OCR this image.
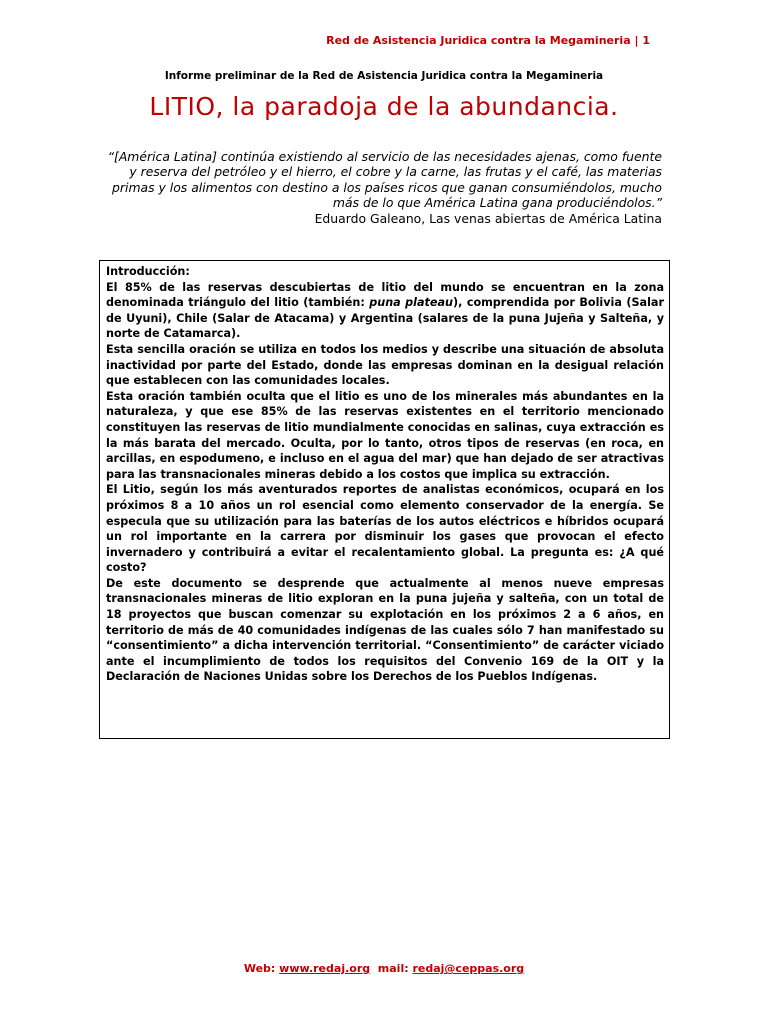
Red de Asistencia Juridica contra la Megamineria | 1
Informe preliminar de la Red de Asistencia Juridica contra la Megamineria
LITIO, la paradoja de la abundancia.
“[América Latina] continúa existiendo al servicio de las necesidades ajenas, como fuente y reserva del petróleo y el hierro, el cobre y la carne, las frutas y el café, las materias primas y los alimentos con destino a los países ricos que ganan consumiéndolos, mucho más de lo que América Latina gana produciéndolos.”
Eduardo Galeano, Las venas abiertas de América Latina

Introducción:

El 85% de las reservas descubiertas de litio del mundo se encuentran en la zona denominada triángulo del litio (también: puna plateau), comprendida por Bolivia (Salar de Uyuni), Chile (Salar de Atacama) y Argentina (salares de la puna Jujeña y Salteña, y norte de Catamarca).

Esta sencilla oración se utiliza en todos los medios y describe una situación de absoluta inactividad por parte del Estado, donde las empresas dominan en la desigual relación que establecen con las comunidades locales.

Esta oración también oculta que el litio es uno de los minerales más abundantes en la naturaleza, y que ese 85% de las reservas existentes en el territorio mencionado constituyen las reservas de litio mundialmente conocidas en salinas, cuya extracción es la más barata del mercado. Oculta, por lo tanto, otros tipos de reservas (en roca, en arcillas, en espodumeno, e incluso en el agua del mar) que han dejado de ser atractivas para las transnacionales mineras debido a los costos que implica su extracción.

El Litio, según los más aventurados reportes de analistas económicos, ocupará en los próximos 8 a 10 años un rol esencial como elemento conservador de la energía. Se especula que su utilización para las baterías de los autos eléctricos e híbridos ocupará un rol importante en la carrera por disminuir los gases que provocan el efecto invernadero y contribuirá a evitar el recalentamiento global. La pregunta es: ¿A qué costo?

De este documento se desprende que actualmente al menos nueve empresas transnacionales mineras de litio exploran en la puna jujeña y salteña, con un total de 18 proyectos que buscan comenzar su explotación en los próximos 2 a 6 años, en territorio de más de 40 comunidades indígenas de las cuales sólo 7 han manifestado su “consentimiento” a dicha intervención territorial. “Consentimiento” de carácter viciado ante el incumplimiento de todos los requisitos del Convenio 169 de la OIT y la Declaración de Naciones Unidas sobre los Derechos de los Pueblos Indígenas.

Web: www.redaj.org mail: redaj@ceppas.org
